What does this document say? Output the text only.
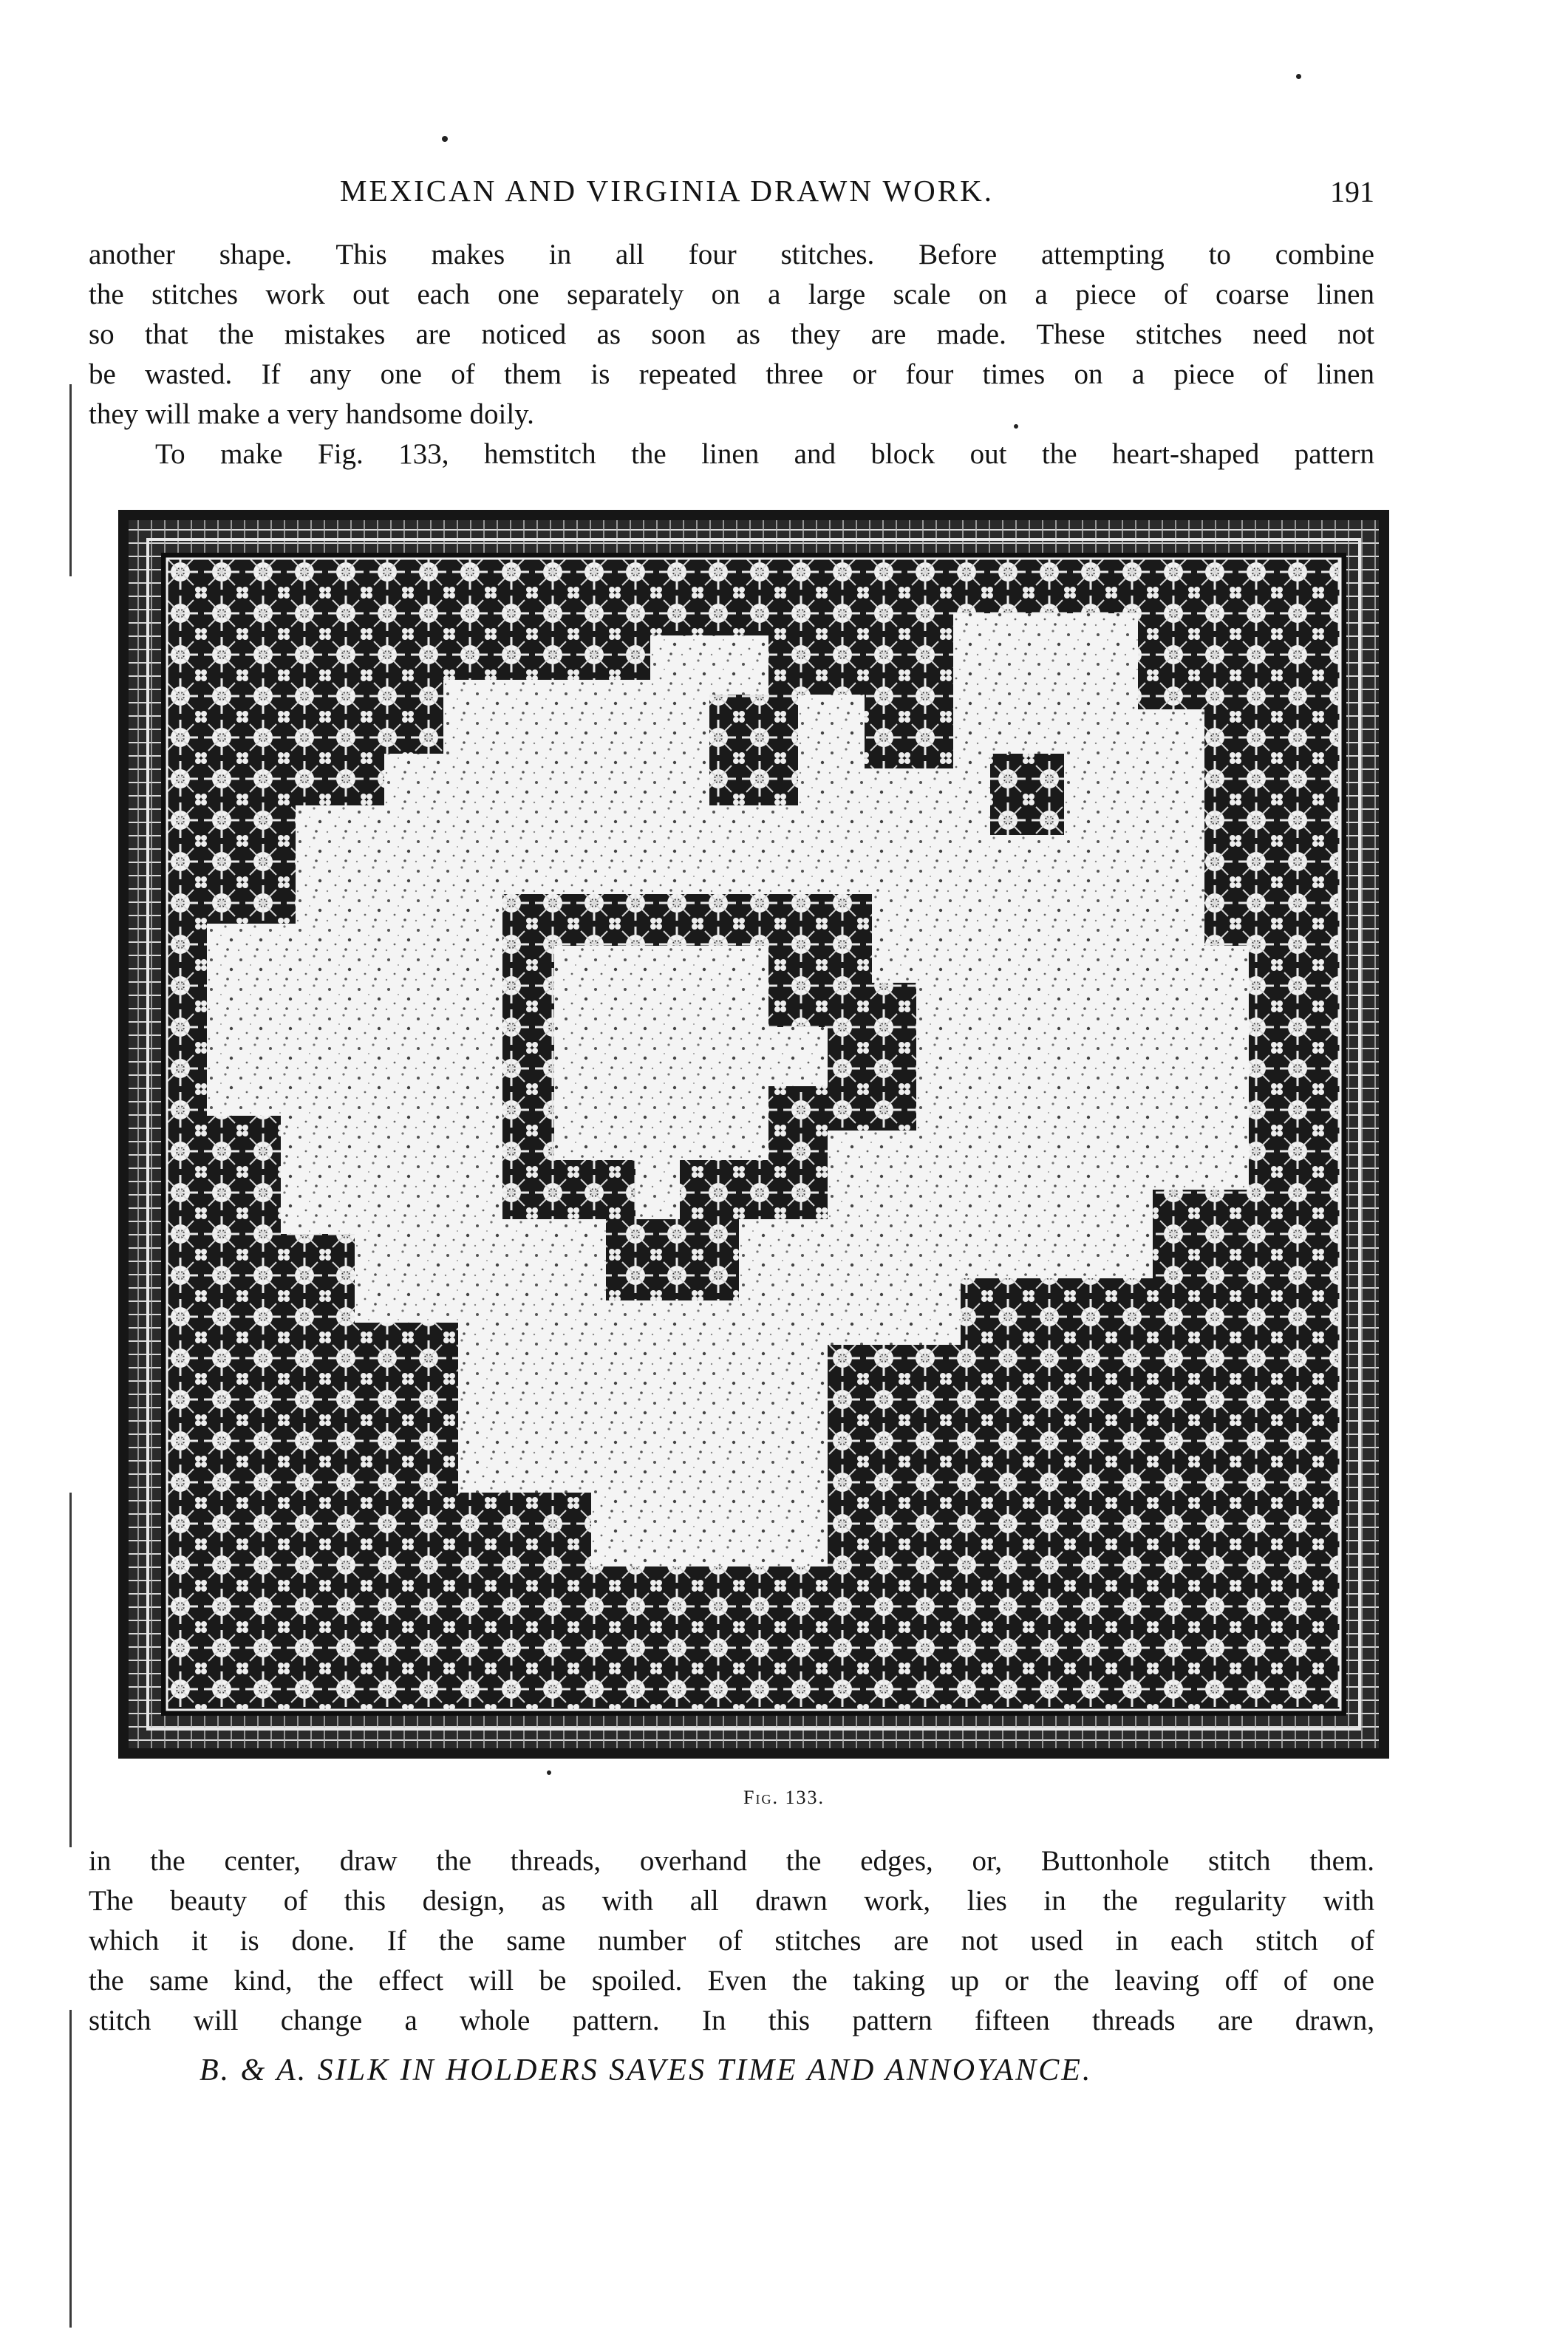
MEXICAN AND VIRGINIA DRAWN WORK.	191
another shape. This makes in all four stitches. Before attempting to combine
the stitches work out each one separately on a large scale on a piece of coarse linen
so that the mistakes are noticed as soon as they are made. These stitches need not
be wasted. If any one of them is repeated three or four times on a piece of linen
they will make a very handsome doily.
To make Fig. 133, hemstitch the linen and block out the heart-shaped pattern
Fig. 133.
in the center, draw the threads, overhand the edges, or, Buttonhole stitch them.
The beauty of this design, as with all drawn work, lies in the regularity with
which it is done. If the same number of stitches are not used in each stitch of
the same kind, the effect will be spoiled. Even the taking up or the leaving off of one
stitch will change a whole pattern. In this pattern fifteen threads are drawn,
B. & A. SILK IN HOLDERS SAVES TIME AND ANNOYANCE.
